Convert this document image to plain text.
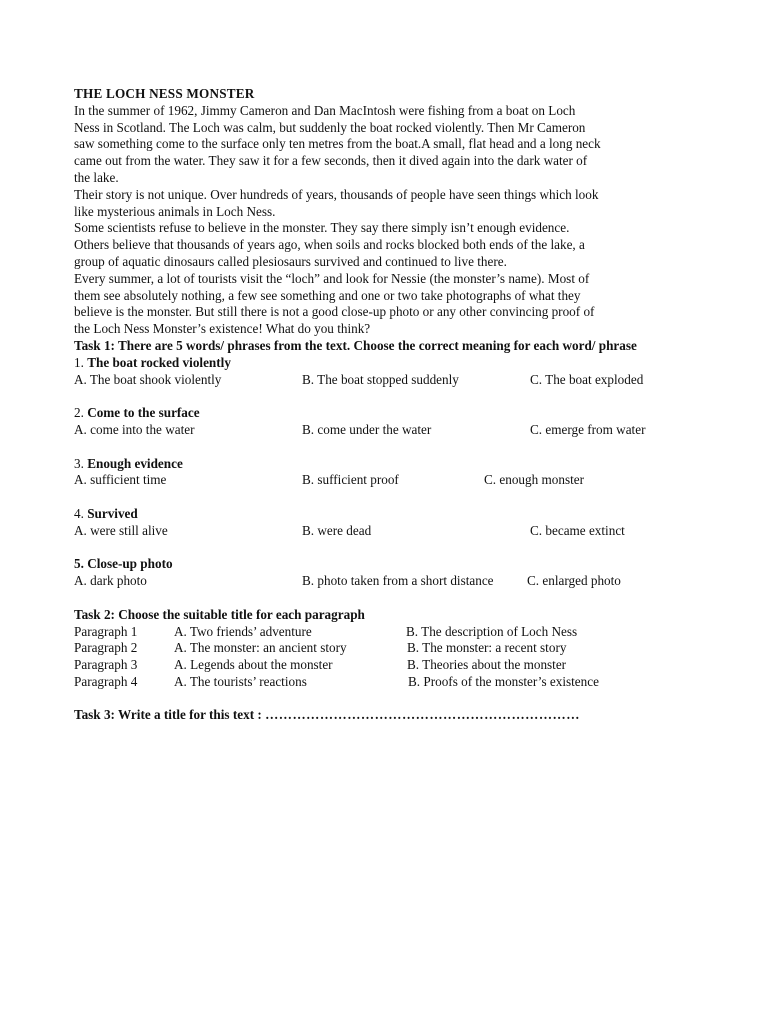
THE LOCH NESS MONSTER
In the summer of 1962, Jimmy Cameron and Dan MacIntosh were fishing from a boat on Loch
Ness in Scotland. The Loch was calm, but suddenly the boat rocked violently. Then Mr Cameron
saw something come to the surface only ten metres from the boat.A small, flat head and a long neck
came out from the water. They saw it for a few seconds, then it dived again into the dark water of
the lake.
Their story is not unique. Over hundreds of years, thousands of people have seen things which look
like mysterious animals in Loch Ness.
Some scientists refuse to believe in the monster. They say there simply isn’t enough evidence.
Others believe that thousands of years ago, when soils and rocks blocked both ends of the lake, a
group of aquatic dinosaurs called plesiosaurs survived and continued to live there.
Every summer, a lot of tourists visit the “loch” and look for Nessie (the monster’s name). Most of
them see absolutely nothing, a few see something and one or two take photographs of what they
believe is the monster. But still there is not a good close-up photo or any other convincing proof of
the Loch Ness Monster’s existence! What do you think?
Task 1: There are 5 words/ phrases from the text. Choose the correct meaning for each word/ phrase
1. The boat rocked violently
A. The boat shook violently	B. The boat stopped suddenly	C. The boat exploded
2. Come to the surface
A. come into the water	B. come under the water	C. emerge from water
3. Enough evidence
A. sufficient time	B. sufficient proof	C. enough monster
4. Survived
A. were still alive	B. were dead	C. became extinct
5. Close-up photo
A. dark photo	B. photo taken from a short distance	C. enlarged photo
Task 2: Choose the suitable title for each paragraph
Paragraph 1	A. Two friends’ adventure	B. The description of Loch Ness
Paragraph 2	A. The monster: an ancient story	B. The monster: a recent story
Paragraph 3	A. Legends about the monster	B. Theories about the monster
Paragraph 4	A. The tourists’ reactions	B. Proofs of the monster’s existence
Task 3: Write a title for this text : ……………………………………………………………
